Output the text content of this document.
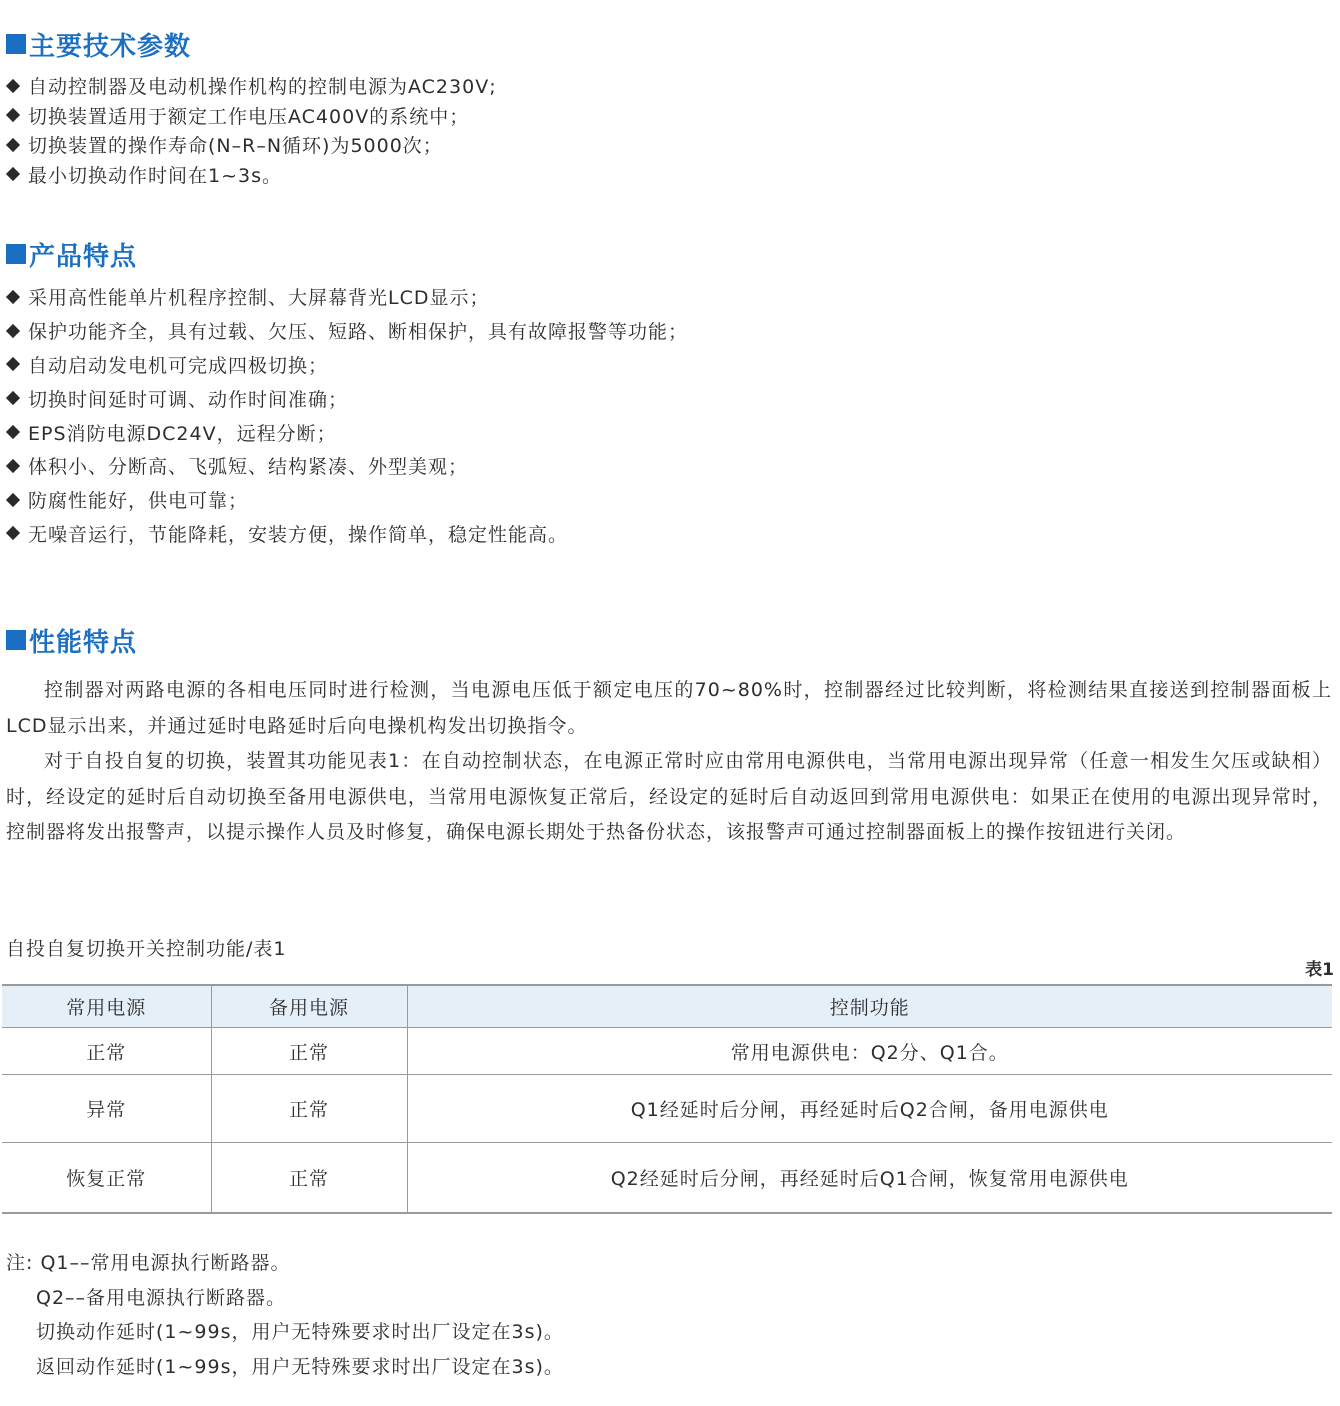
主要技术参数
自动控制器及电动机操作机构的控制电源为AC230V;
切换装置适用于额定工作电压AC400V的系统中；
切换装置的操作寿命(N–R–N循环)为5000次；
最小切换动作时间在1~3s。
产品特点
采用高性能单片机程序控制、大屏幕背光LCD显示；
保护功能齐全，具有过载、欠压、短路、断相保护，具有故障报警等功能；
自动启动发电机可完成四极切换；
切换时间延时可调、动作时间准确；
EPS消防电源DC24V，远程分断；
体积小、分断高、飞弧短、结构紧凑、外型美观；
防腐性能好，供电可靠；
无噪音运行，节能降耗，安装方便，操作简单，稳定性能高。
性能特点

控制器对两路电源的各相电压同时进行检测，当电源电压低于额定电压的70~80%时，控制器经过比较判断，将检测结果直接送到控制器面板上LCD显示出来，并通过延时电路延时后向电操机构发出切换指令。

对于自投自复的切换，装置其功能见表1：在自动控制状态，在电源正常时应由常用电源供电，当常用电源出现异常（任意一相发生欠压或缺相）时，经设定的延时后自动切换至备用电源供电，当常用电源恢复正常后，经设定的延时后自动返回到常用电源供电：如果正在使用的电源出现异常时，控制器将发出报警声，以提示操作人员及时修复，确保电源长期处于热备份状态，该报警声可通过控制器面板上的操作按钮进行关闭。

自投自复切换开关控制功能/表1
表1
常用电源	备用电源	控制功能
正常	正常	常用电源供电：Q2分、Q1合。
异常	正常	Q1经延时后分闸，再经延时后Q2合闸，备用电源供电
恢复正常	正常	Q2经延时后分闸，再经延时后Q1合闸，恢复常用电源供电
注: Q1––常用电源执行断路器。
Q2––备用电源执行断路器。
切换动作延时(1~99s，用户无特殊要求时出厂设定在3s)。
返回动作延时(1~99s，用户无特殊要求时出厂设定在3s)。
